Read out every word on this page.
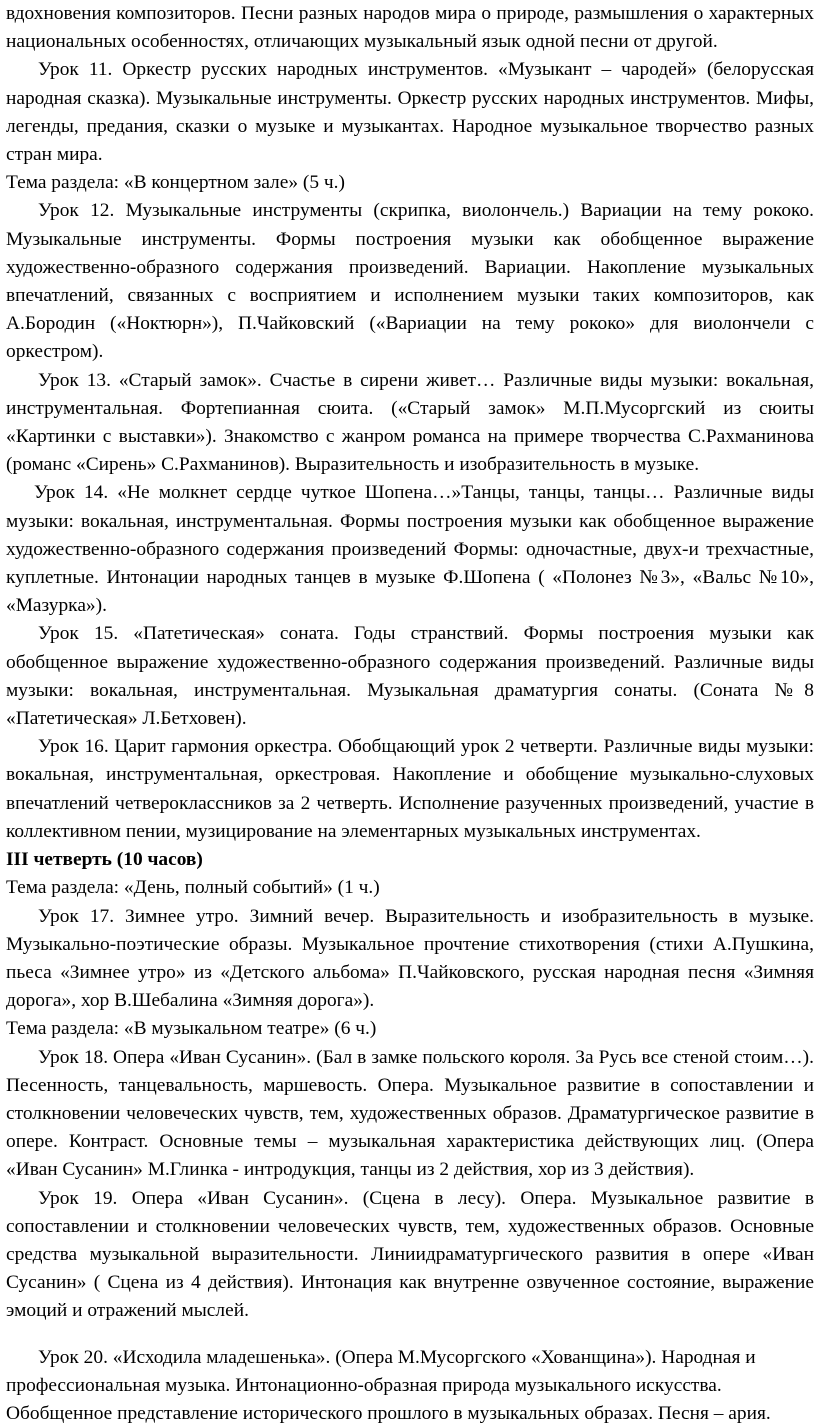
вдохновения композиторов. Песни разных народов мира о природе, размышления о характерных национальных особенностях, отличающих музыкальный язык одной песни от другой.

Урок 11. Оркестр русских народных инструментов. «Музыкант – чародей» (белорусская народная сказка). Музыкальные инструменты. Оркестр русских народных инструментов. Мифы, легенды, предания, сказки о музыке и музыкантах. Народное музыкальное творчество разных стран мира.

Тема раздела: «В концертном зале» (5 ч.)

Урок 12. Музыкальные инструменты (скрипка, виолончель.) Вариации на тему рококо. Музыкальные инструменты. Формы построения музыки как обобщенное выражение художественно-образного содержания произведений. Вариации. Накопление музыкальных впечатлений, связанных с восприятием и исполнением музыки таких композиторов, как А.Бородин («Ноктюрн»), П.Чайковский («Вариации на тему рококо» для виолончели с оркестром).

Урок 13. «Старый замок». Счастье в сирени живет… Различные виды музыки: вокальная, инструментальная. Фортепианная сюита. («Старый замок» М.П.Мусоргский из сюиты «Картинки с выставки»). Знакомство с жанром романса на примере творчества С.Рахманинова (романс «Сирень» С.Рахманинов). Выразительность и изобразительность в музыке.

Урок 14. «Не молкнет сердце чуткое Шопена…»Танцы, танцы, танцы… Различные виды музыки: вокальная, инструментальная. Формы построения музыки как обобщенное выражение художественно-образного содержания произведений Формы: одночастные, двух-и трехчастные, куплетные. Интонации народных танцев в музыке Ф.Шопена ( «Полонез №3», «Вальс №10», «Мазурка»).

Урок 15. «Патетическая» соната. Годы странствий. Формы построения музыки как обобщенное выражение художественно-образного содержания произведений. Различные виды музыки: вокальная, инструментальная. Музыкальная драматургия сонаты. (Соната №8 «Патетическая» Л.Бетховен).

Урок 16. Царит гармония оркестра. Обобщающий урок 2 четверти. Различные виды музыки: вокальная, инструментальная, оркестровая. Накопление и обобщение музыкально-слуховых впечатлений четвероклассников за 2 четверть. Исполнение разученных произведений, участие в коллективном пении, музицирование на элементарных музыкальных инструментах.

III четверть (10 часов)

Тема раздела: «День, полный событий» (1 ч.)

Урок 17. Зимнее утро. Зимний вечер. Выразительность и изобразительность в музыке. Музыкально-поэтические образы. Музыкальное прочтение стихотворения (стихи А.Пушкина, пьеса «Зимнее утро» из «Детского альбома» П.Чайковского, русская народная песня «Зимняя дорога», хор В.Шебалина «Зимняя дорога»).

Тема раздела: «В музыкальном театре» (6 ч.)

Урок 18. Опера «Иван Сусанин». (Бал в замке польского короля. За Русь все стеной стоим…). Песенность, танцевальность, маршевость. Опера. Музыкальное развитие в сопоставлении и столкновении человеческих чувств, тем, художественных образов. Драматургическое развитие в опере. Контраст. Основные темы – музыкальная характеристика действующих лиц. (Опера «Иван Сусанин» М.Глинка - интродукция, танцы из 2 действия, хор из 3 действия).

Урок 19. Опера «Иван Сусанин». (Сцена в лесу). Опера. Музыкальное развитие в сопоставлении и столкновении человеческих чувств, тем, художественных образов. Основные средства музыкальной выразительности. Линиидраматургического развития в опере «Иван Сусанин» ( Сцена из 4 действия). Интонация как внутренне озвученное состояние, выражение эмоций и отражений мыслей.

Урок 20. «Исходила младешенька». (Опера М.Мусоргского «Хованщина»). Народная и профессиональная музыка. Интонационно-образная природа музыкального искусства. Обобщенное представление исторического прошлого в музыкальных образах. Песня – ария.
